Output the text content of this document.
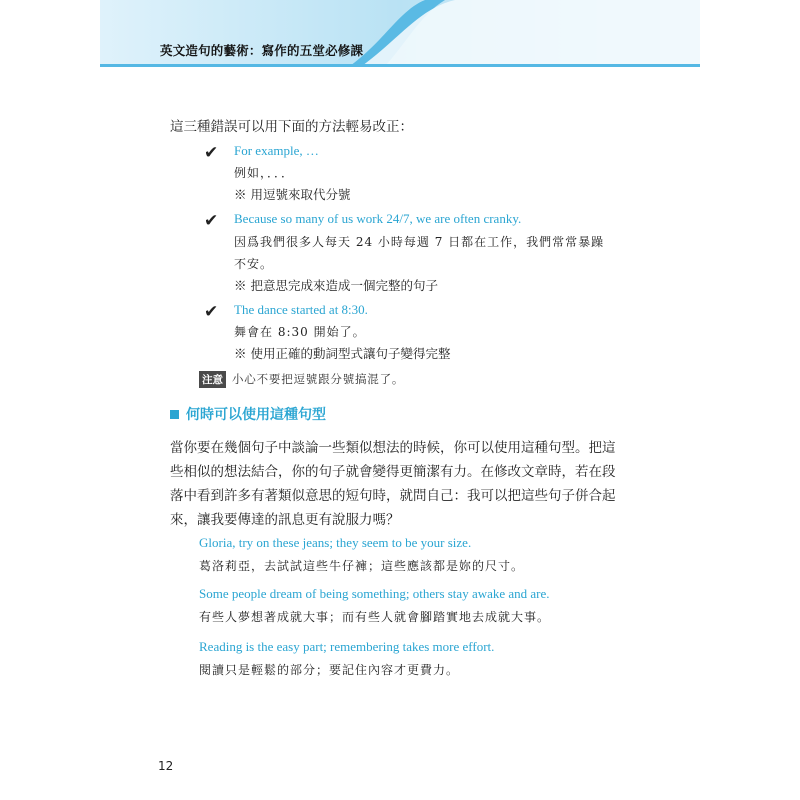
英文造句的藝術：寫作的五堂必修課
這三種錯誤可以用下面的方法輕易改正：
✔ For example, …
例如，．．．
※ 用逗號來取代分號
✔ Because so many of us work 24/7, we are often cranky.
因爲我們很多人每天 24 小時每週 7 日都在工作，我們常常暴躁
不安。
※ 把意思完成來造成一個完整的句子
✔ The dance started at 8:30.
舞會在 8:30 開始了。
※ 使用正確的動詞型式讓句子變得完整
注意 小心不要把逗號跟分號搞混了。
何時可以使用這種句型
當你要在幾個句子中談論一些類似想法的時候，你可以使用這種句型。把這
些相似的想法結合，你的句子就會變得更簡潔有力。在修改文章時，若在段
落中看到許多有著類似意思的短句時，就問自己：我可以把這些句子併合起
來，讓我要傳達的訊息更有說服力嗎？
Gloria, try on these jeans; they seem to be your size.
葛洛莉亞，去試試這些牛仔褲；這些應該都是妳的尺寸。
Some people dream of being something; others stay awake and are.
有些人夢想著成就大事；而有些人就會腳踏實地去成就大事。
Reading is the easy part; remembering takes more effort.
閱讀只是輕鬆的部分；要記住內容才更費力。
12
